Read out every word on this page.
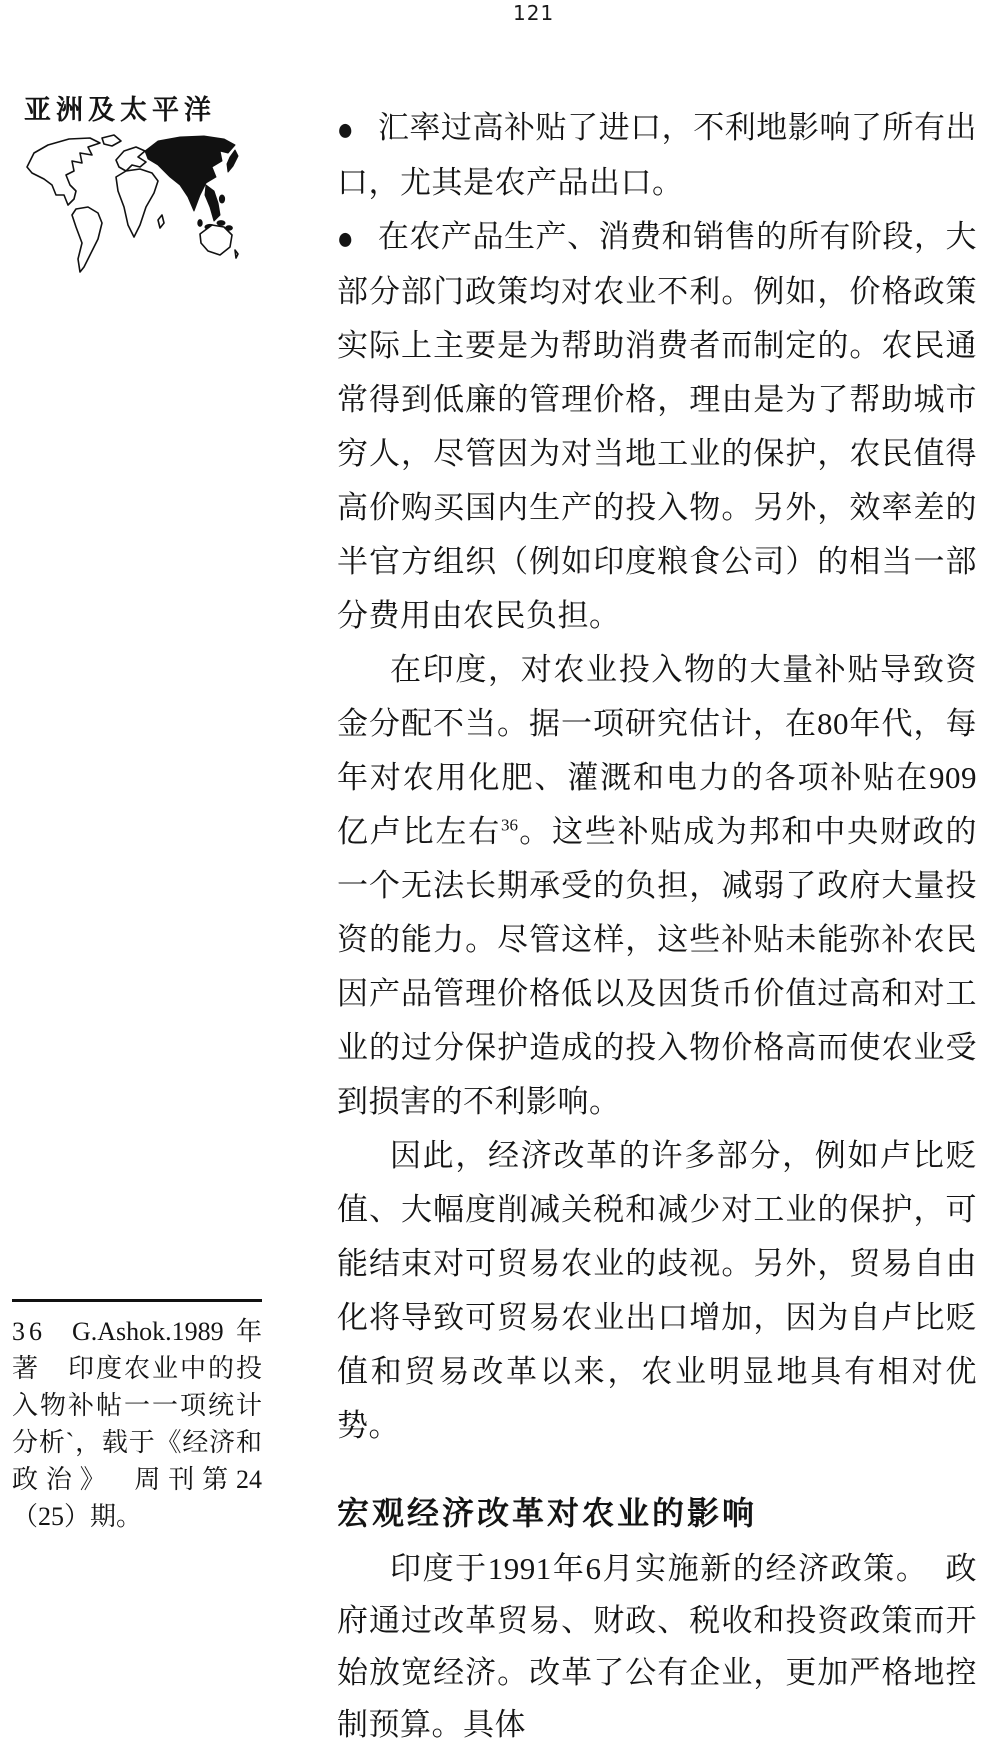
121
亚洲及太平洋

● 汇率过高补贴了进口，不利地影响了所有出口，尤其是农产品出口。

● 在农产品生产、消费和销售的所有阶段，大部分部门政策均对农业不利。例如，价格政策实际上主要是为帮助消费者而制定的。农民通常得到低廉的管理价格，理由是为了帮助城市穷人，尽管因为对当地工业的保护，农民值得高价购买国内生产的投入物。另外，效率差的半官方组织（例如印度粮食公司）的相当一部分费用由农民负担。

在印度，对农业投入物的大量补贴导致资金分配不当。据一项研究估计，在80年代，每年对农用化肥、灌溉和电力的各项补贴在909亿卢比左右$^{36}$。这些补贴成为邦和中央财政的一个无法长期承受的负担，减弱了政府大量投资的能力。尽管这样，这些补贴未能弥补农民因产品管理价格低以及因货币价值过高和对工业的过分保护造成的投入物价格高而使农业受到损害的不利影响。

因此，经济改革的许多部分，例如卢比贬值、大幅度削减关税和减少对工业的保护，可能结束对可贸易农业的歧视。另外，贸易自由化将导致可贸易农业出口增加，因为自卢比贬值和贸易改革以来，农业明显地具有相对优势。

宏观经济改革对农业的影响

印度于1991年6月实施新的经济政策。　政府通过改革贸易、财政、税收和投资政策而开始放宽经济。改革了公有企业，更加严格地控制预算。具体

36 G.Ashok.1989年著　印度农业中的投入物补帖一一项统计分析`，载于《经济和政治》　周刊第24（25）期。
